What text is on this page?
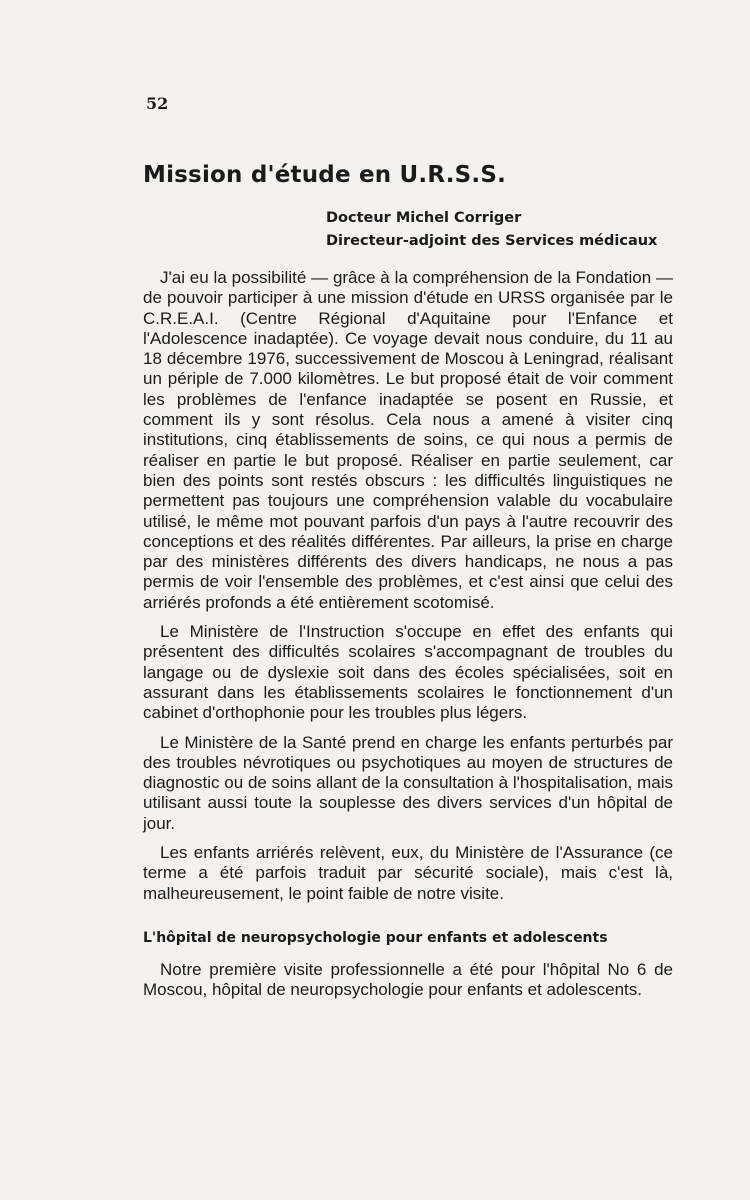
52
Mission d'étude en U.R.S.S.
Docteur Michel Corriger
Directeur-adjoint des Services médicaux

J'ai eu la possibilité — grâce à la compréhension de la Fondation — de pouvoir participer à une mission d'étude en URSS organisée par le C.R.E.A.I. (Centre Régional d'Aquitaine pour l'Enfance et l'Adolescence inadaptée). Ce voyage devait nous conduire, du 11 au 18 décembre 1976, successivement de Moscou à Leningrad, réalisant un périple de 7.000 kilomètres. Le but proposé était de voir comment les problèmes de l'enfance inadaptée se posent en Russie, et comment ils y sont résolus. Cela nous a amené à visiter cinq institutions, cinq établissements de soins, ce qui nous a permis de réaliser en partie le but proposé. Réaliser en partie seulement, car bien des points sont restés obscurs : les difficultés linguistiques ne permettent pas toujours une compréhension valable du vocabulaire utilisé, le même mot pouvant parfois d'un pays à l'autre recouvrir des conceptions et des réalités différentes. Par ailleurs, la prise en charge par des ministères différents des divers handicaps, ne nous a pas permis de voir l'ensemble des problèmes, et c'est ainsi que celui des arriérés profonds a été entièrement scotomisé.

Le Ministère de l'Instruction s'occupe en effet des enfants qui présentent des difficultés scolaires s'accompagnant de troubles du langage ou de dyslexie soit dans des écoles spécialisées, soit en assurant dans les établissements scolaires le fonctionnement d'un cabinet d'orthophonie pour les troubles plus légers.

Le Ministère de la Santé prend en charge les enfants perturbés par des troubles névrotiques ou psychotiques au moyen de structures de diagnostic ou de soins allant de la consultation à l'hospitalisation, mais utilisant aussi toute la souplesse des divers services d'un hôpital de jour.

Les enfants arriérés relèvent, eux, du Ministère de l'Assurance (ce terme a été parfois traduit par sécurité sociale), mais c'est là, malheureusement, le point faible de notre visite.

L'hôpital de neuropsychologie pour enfants et adolescents

Notre première visite professionnelle a été pour l'hôpital No 6 de Moscou, hôpital de neuropsychologie pour enfants et adolescents.
